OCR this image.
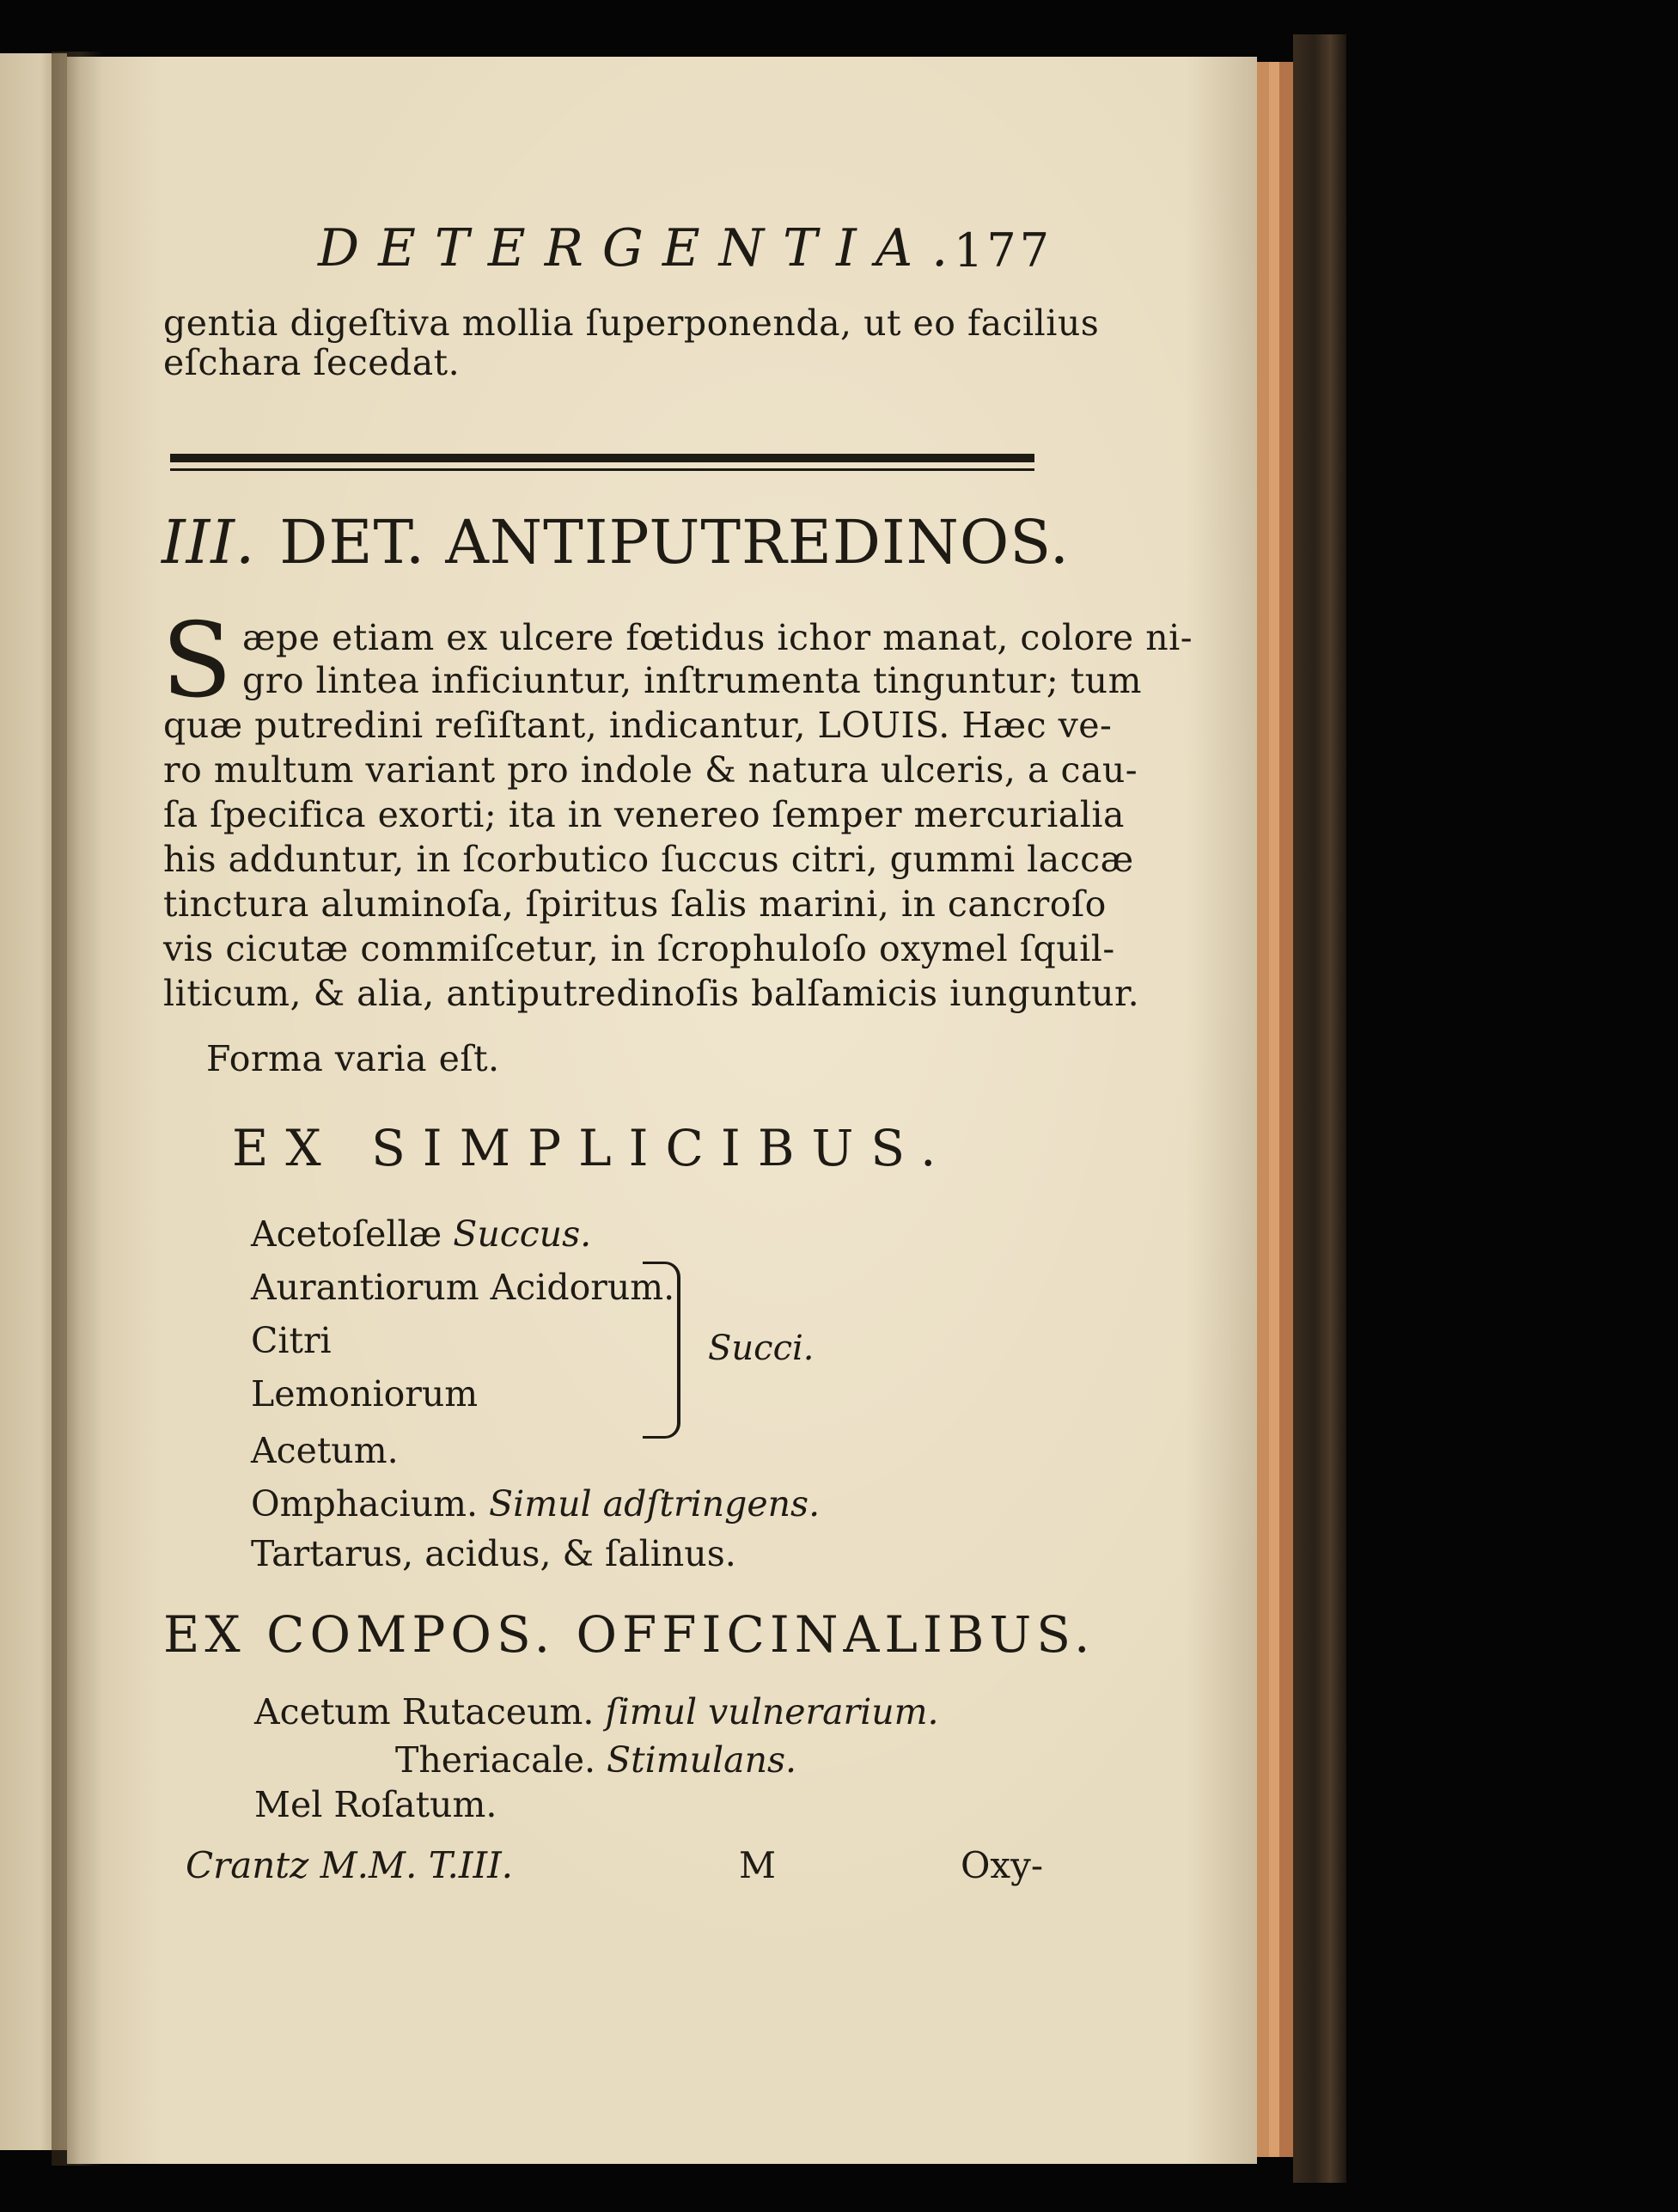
DETERGENTIA.

177

gentia digeſtiva mollia ſuperponenda, ut eo facilius

eſchara ſecedat.

III. DET. ANTIPUTREDINOS.

S æpe etiam ex ulcere fœtidus ichor manat, colore ni-

gro lintea inficiuntur, inſtrumenta tinguntur; tum

quæ putredini reſiſtant, indicantur, LOUIS. Hæc ve-

ro multum variant pro indole & natura ulceris, a cau-

ſa ſpecifica exorti; ita in venereo ſemper mercurialia

his adduntur, in ſcorbutico ſuccus citri, gummi laccæ

tinctura aluminoſa, ſpiritus ſalis marini, in cancroſo

vis cicutæ commiſcetur, in ſcrophuloſo oxymel ſquil-

liticum, & alia, antiputredinoſis balſamicis iunguntur.

Forma varia eſt.

EX SIMPLICIBUS.

Acetoſellæ Succus.

Aurantiorum Acidorum.

Citri

Lemoniorum

Succi.

Acetum.

Omphacium. Simul adſtringens.

Tartarus, acidus, & ſalinus.

EX COMPOS. OFFICINALIBUS.

Acetum Rutaceum. ſimul vulnerarium.

Theriacale. Stimulans.

Mel Roſatum.

Crantz M.M. T.III.	M	Oxy-
